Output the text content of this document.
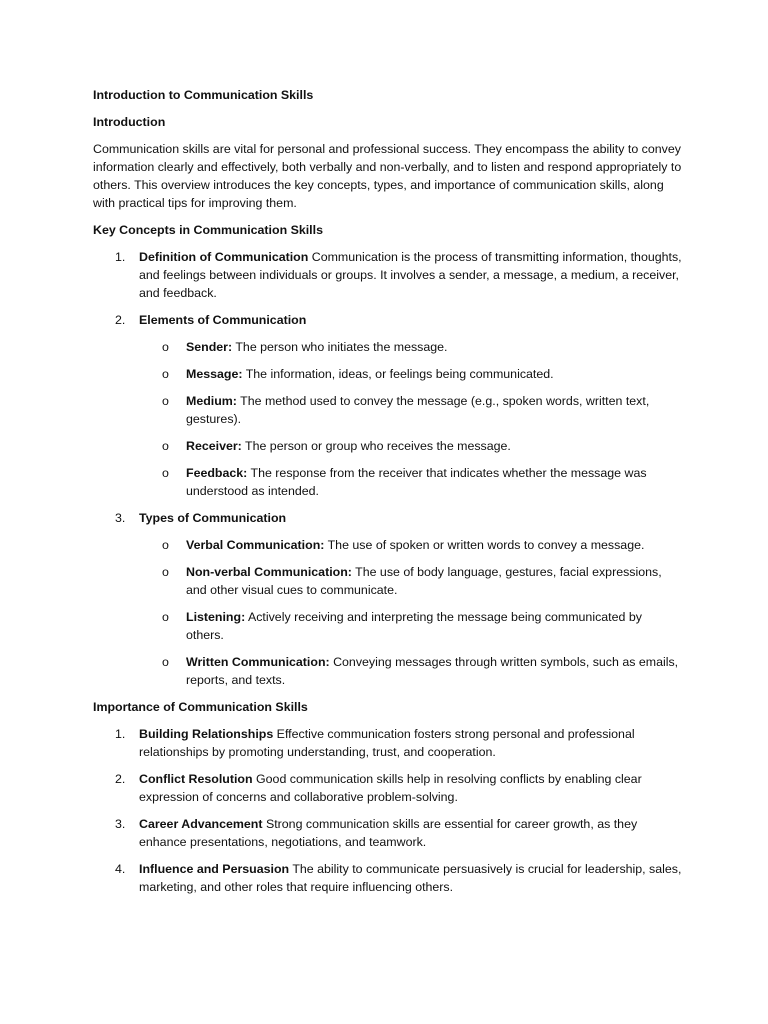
Introduction to Communication Skills

Introduction

Communication skills are vital for personal and professional success. They encompass the ability to convey information clearly and effectively, both verbally and non-verbally, and to listen and respond appropriately to others. This overview introduces the key concepts, types, and importance of communication skills, along with practical tips for improving them.

Key Concepts in Communication Skills

1. Definition of Communication Communication is the process of transmitting information, thoughts, and feelings between individuals or groups. It involves a sender, a message, a medium, a receiver, and feedback.
2. Elements of Communication
o Sender: The person who initiates the message.
o Message: The information, ideas, or feelings being communicated.
o Medium: The method used to convey the message (e.g., spoken words, written text, gestures).
o Receiver: The person or group who receives the message.
o Feedback: The response from the receiver that indicates whether the message was understood as intended.
3. Types of Communication
o Verbal Communication: The use of spoken or written words to convey a message.
o Non-verbal Communication: The use of body language, gestures, facial expressions, and other visual cues to communicate.
o Listening: Actively receiving and interpreting the message being communicated by others.
o Written Communication: Conveying messages through written symbols, such as emails, reports, and texts.

Importance of Communication Skills

1. Building Relationships Effective communication fosters strong personal and professional relationships by promoting understanding, trust, and cooperation.
2. Conflict Resolution Good communication skills help in resolving conflicts by enabling clear expression of concerns and collaborative problem-solving.
3. Career Advancement Strong communication skills are essential for career growth, as they enhance presentations, negotiations, and teamwork.
4. Influence and Persuasion The ability to communicate persuasively is crucial for leadership, sales, marketing, and other roles that require influencing others.
